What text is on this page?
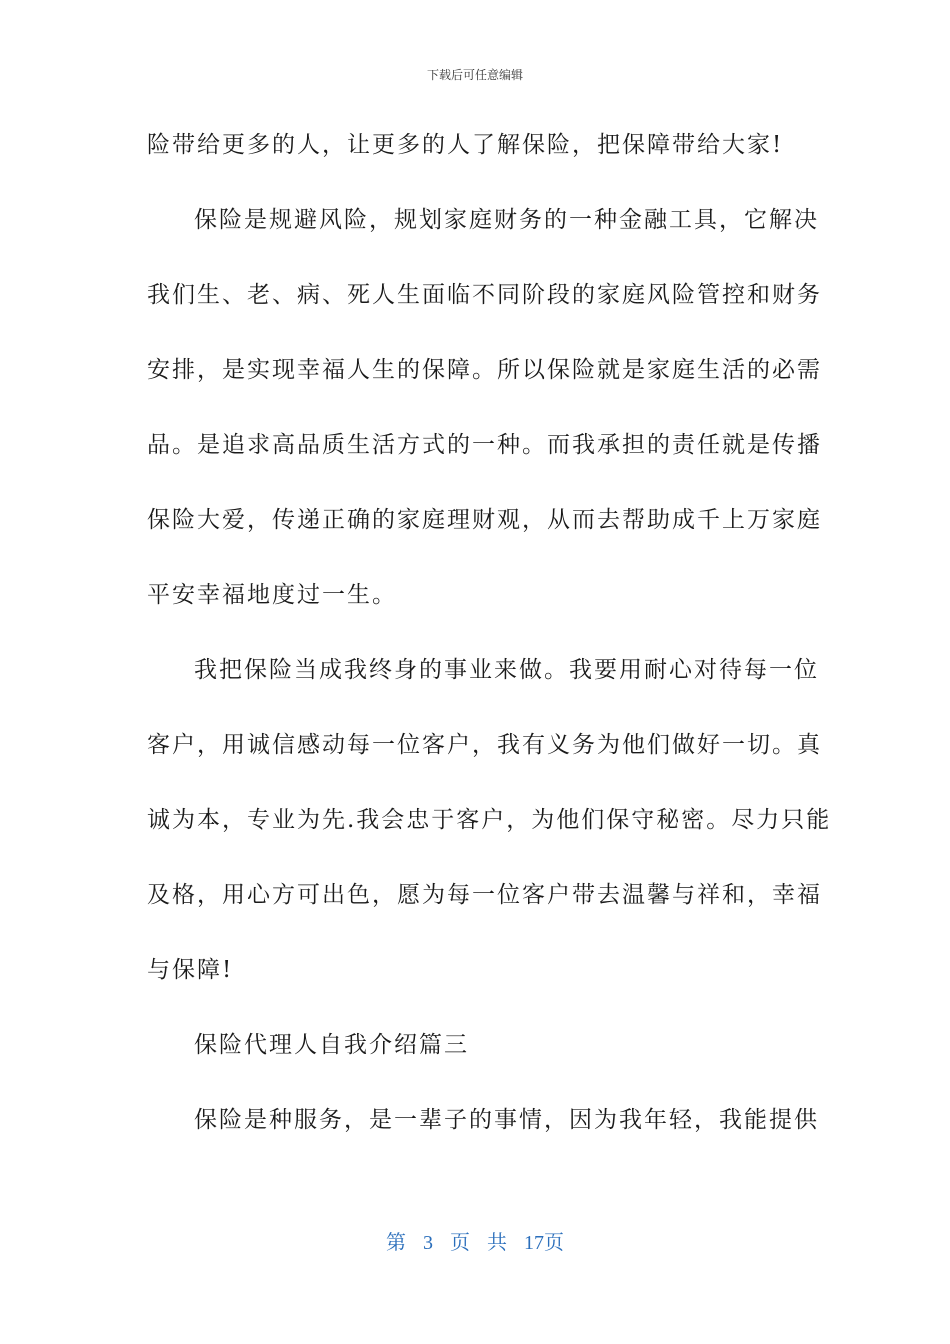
下载后可任意编辑
险带给更多的人，让更多的人了解保险，把保障带给大家!
保险是规避风险，规划家庭财务的一种金融工具，它解决
我们生、老、病、死人生面临不同阶段的家庭风险管控和财务
安排，是实现幸福人生的保障。所以保险就是家庭生活的必需
品。是追求高品质生活方式的一种。而我承担的责任就是传播
保险大爱，传递正确的家庭理财观，从而去帮助成千上万家庭
平安幸福地度过一生。
我把保险当成我终身的事业来做。我要用耐心对待每一位
客户，用诚信感动每一位客户，我有义务为他们做好一切。真
诚为本，专业为先.我会忠于客户，为他们保守秘密。尽力只能
及格，用心方可出色，愿为每一位客户带去温馨与祥和，幸福
与保障!
保险代理人自我介绍篇三
保险是种服务，是一辈子的事情，因为我年轻，我能提供
第 3 页 共 17页
